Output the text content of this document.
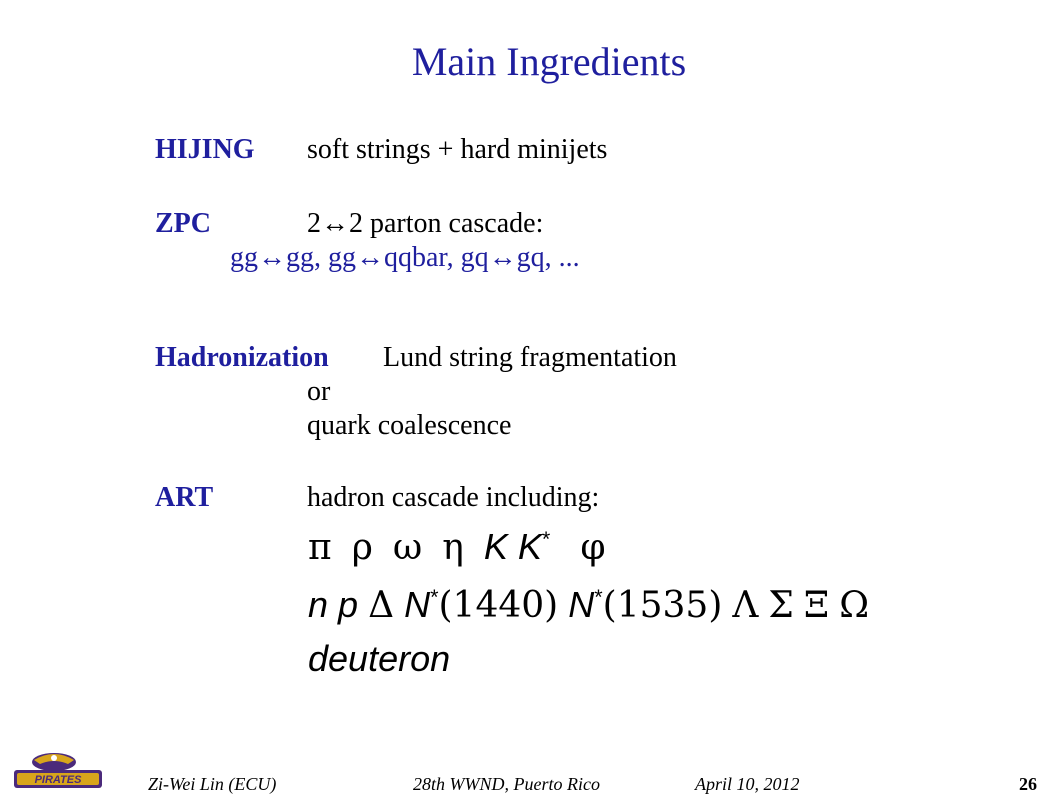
Main Ingredients
HIJING soft strings + hard minijets
ZPC	2↔2 parton cascade:
gg↔gg, gg↔qqbar, gq↔gq, ...
Hadronization Lund string fragmentation
or
quark coalescence
ART	hadron cascade including:
π ρ ω η K K* φ
n p Δ N*(1440) N*(1535) Λ Σ Ξ Ω
deuteron
PIRATES	Zi-Wei Lin (ECU)	28th WWND, Puerto Rico	April 10, 2012	26
